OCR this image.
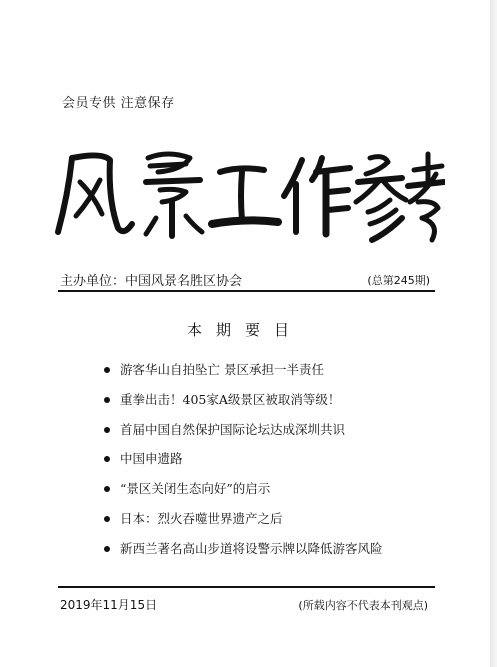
会员专供 注意保存
主办单位：中国风景名胜区协会	(总第245期)
本期要目
游客华山自拍坠亡 景区承担一半责任
重拳出击！405家A级景区被取消等级！
首届中国自然保护国际论坛达成深圳共识
中国申遗路
“景区关闭生态向好”的启示
日本：烈火吞噬世界遗产之后
新西兰著名高山步道将设警示牌以降低游客风险
2019年11月15日	(所载内容不代表本刊观点)
